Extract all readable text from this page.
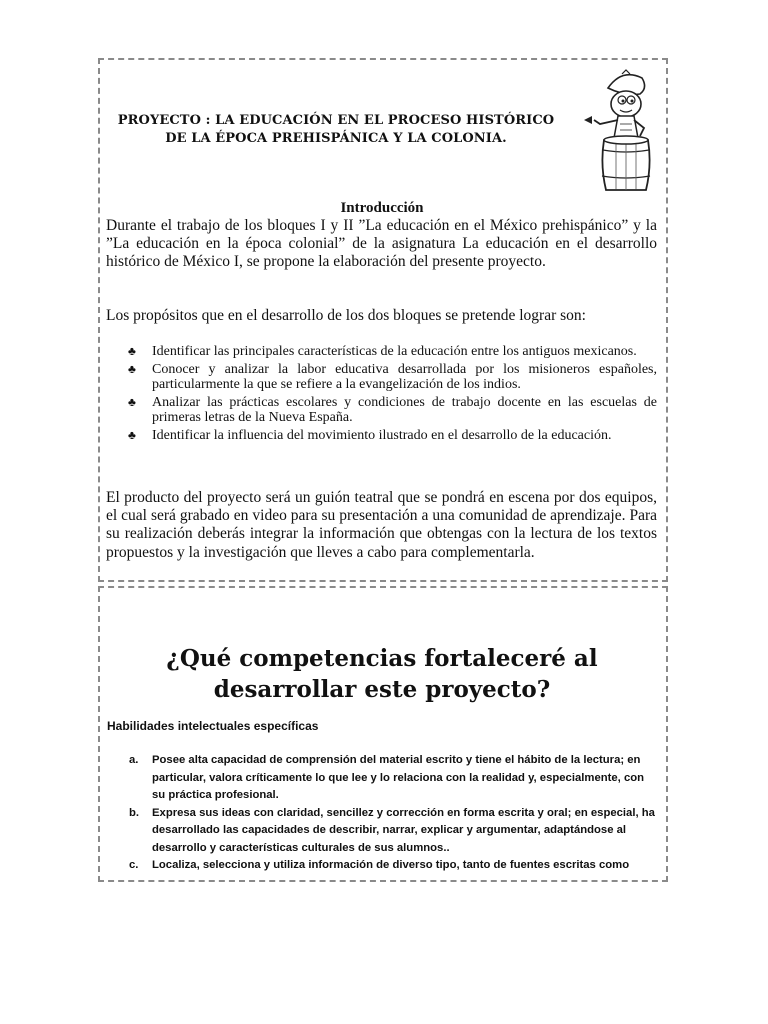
PROYECTO : LA EDUCACIÓN EN EL PROCESO HISTÓRICO
DE LA ÉPOCA PREHISPÁNICA Y LA COLONIA.
Introducción
Durante el trabajo de los bloques I y II ”La educación en el México prehispánico” y la ”La educación en la época colonial” de la asignatura La educación en el desarrollo histórico de México I, se propone la elaboración del presente proyecto.
Los propósitos que en el desarrollo de los dos bloques se pretende lograr son:
♣ Identificar las principales características de la educación entre los antiguos mexicanos.
♣ Conocer y analizar la labor educativa desarrollada por los misioneros españoles, particularmente la que se refiere a la evangelización de los indios.
♣ Analizar las prácticas escolares y condiciones de trabajo docente en las escuelas de primeras letras de la Nueva España.
♣ Identificar la influencia del movimiento ilustrado en el desarrollo de la educación.
El producto del proyecto será un guión teatral que se pondrá en escena por dos equipos, el cual será grabado en video para su presentación a una comunidad de aprendizaje. Para su realización deberás integrar la información que obtengas con la lectura de los textos propuestos y la investigación que lleves a cabo para complementarla.
¿Qué competencias fortaleceré al
desarrollar este proyecto?
Habilidades intelectuales específicas
a. Posee alta capacidad de comprensión del material escrito y tiene el hábito de la lectura; en particular, valora críticamente lo que lee y lo relaciona con la realidad y, especialmente, con su práctica profesional.
b. Expresa sus ideas con claridad, sencillez y corrección en forma escrita y oral; en especial, ha desarrollado las capacidades de describir, narrar, explicar y argumentar, adaptándose al desarrollo y características culturales de sus alumnos..
c. Localiza, selecciona y utiliza información de diverso tipo, tanto de fuentes escritas como
